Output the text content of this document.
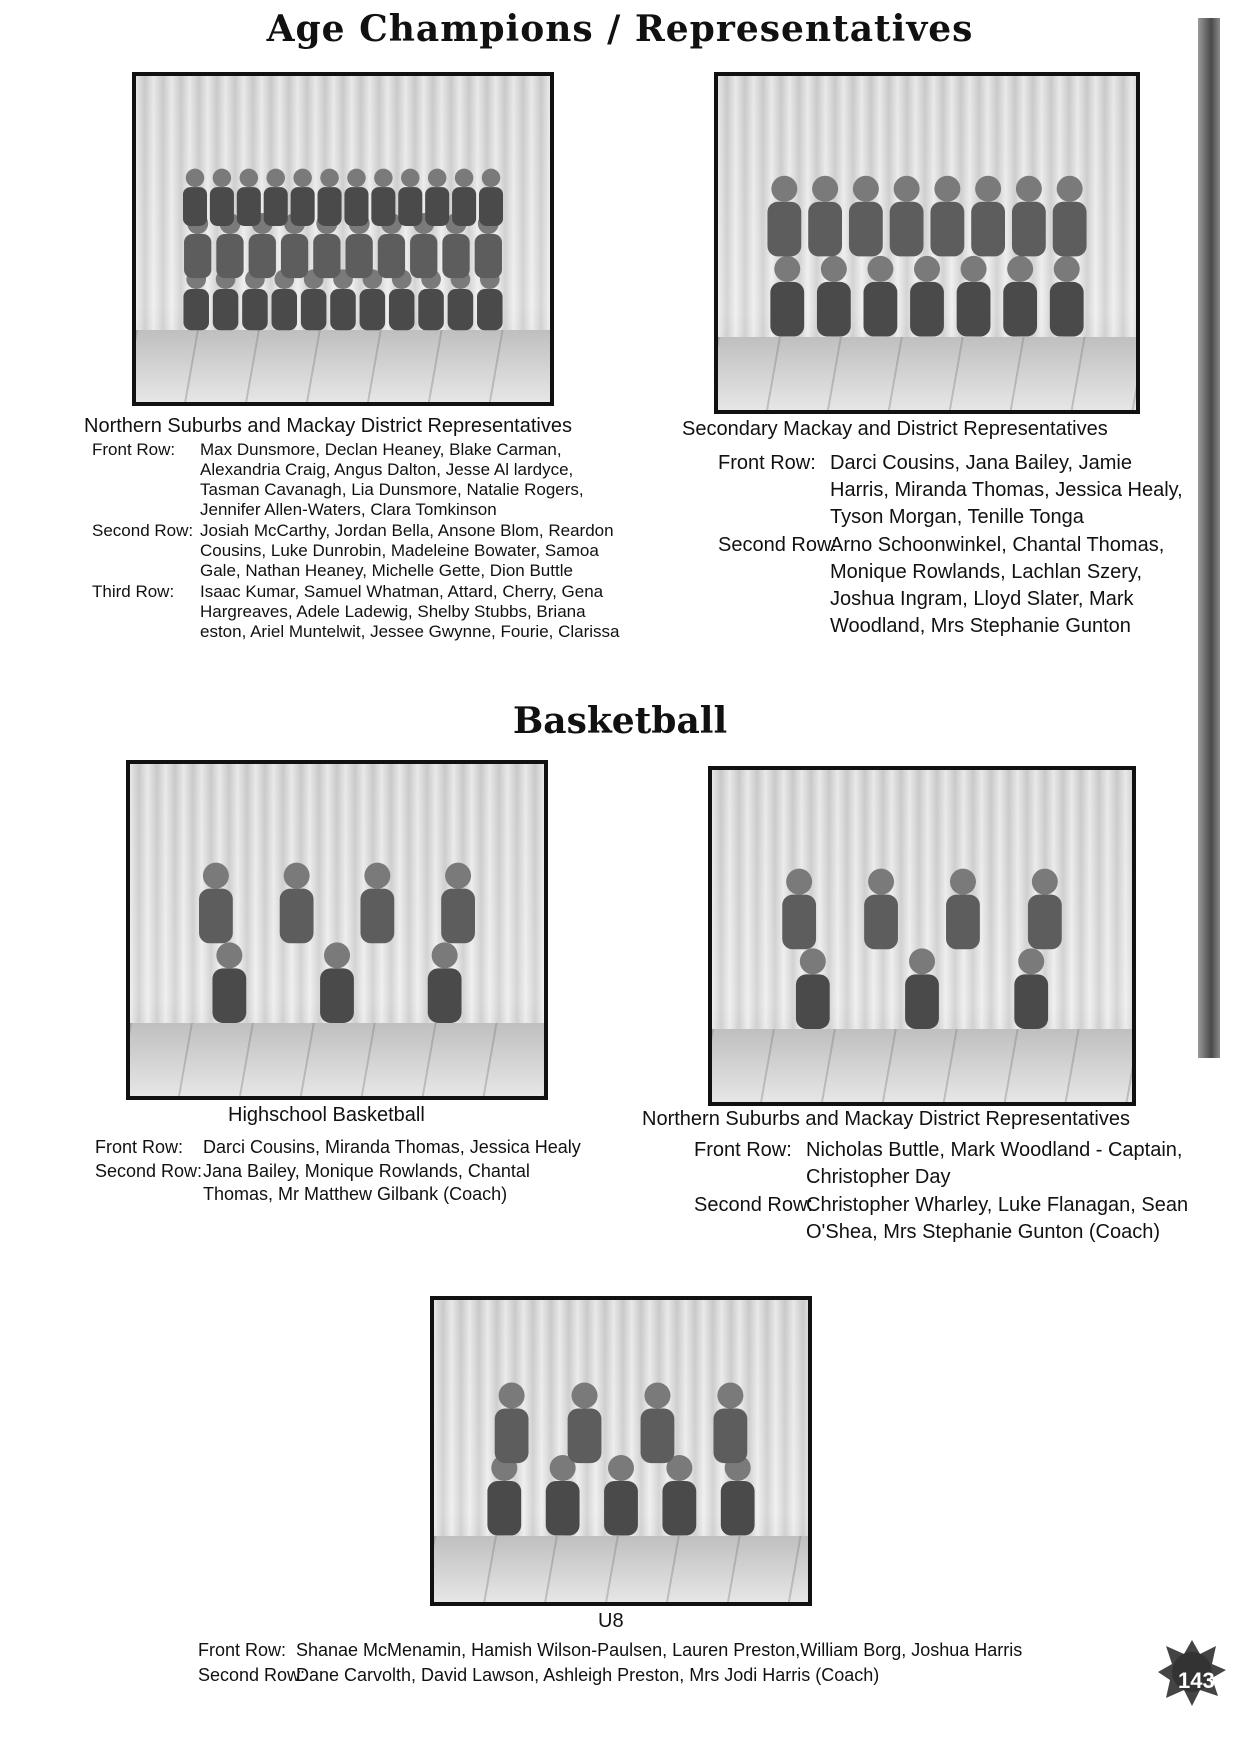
Age Champions / Representatives
Northern Suburbs and Mackay District Representatives
Front Row:	Max Dunsmore, Declan Heaney, Blake Carman, Alexandria Craig, Angus Dalton, Jesse Al lardyce, Tasman Cavanagh, Lia Dunsmore, Natalie Rogers, Jennifer Allen-Waters, Clara Tomkinson
Second Row: Josiah McCarthy, Jordan Bella, Ansone Blom, Reardon Cousins, Luke Dunrobin, Madeleine Bowater, Samoa Gale, Nathan Heaney, Michelle Gette, Dion Buttle
Third Row:	Isaac Kumar, Samuel Whatman, Attard, Cherry, Gena Hargreaves, Adele Ladewig, Shelby Stubbs, Briana eston, Ariel Muntelwit, Jessee Gwynne, Fourie, Clarissa
Secondary Mackay and District Representatives
Front Row: Darci Cousins, Jana Bailey, Jamie Harris, Miranda Thomas, Jessica Healy, Tyson Morgan, Tenille Tonga
Second Row:
Arno Schoonwinkel, Chantal Thomas, Monique Rowlands, Lachlan Szery, Joshua Ingram, Lloyd Slater, Mark Woodland, Mrs Stephanie Gunton
Basketball
Highschool Basketball
Front Row:	Darci Cousins, Miranda Thomas, Jessica Healy
Second Row: Jana Bailey, Monique Rowlands, Chantal Thomas, Mr Matthew Gilbank (Coach)
Northern Suburbs and Mackay District Representatives
Front Row: Nicholas Buttle, Mark Woodland - Captain, Christopher Day
Second Row:
Christopher Wharley, Luke Flanagan, Sean O'Shea, Mrs Stephanie Gunton (Coach)
U8
Front Row: Shanae McMenamin, Hamish Wilson-Paulsen, Lauren Preston,William Borg, Joshua Harris
Second Row:
Dane Carvolth, David Lawson, Ashleigh Preston, Mrs Jodi Harris (Coach)	143
